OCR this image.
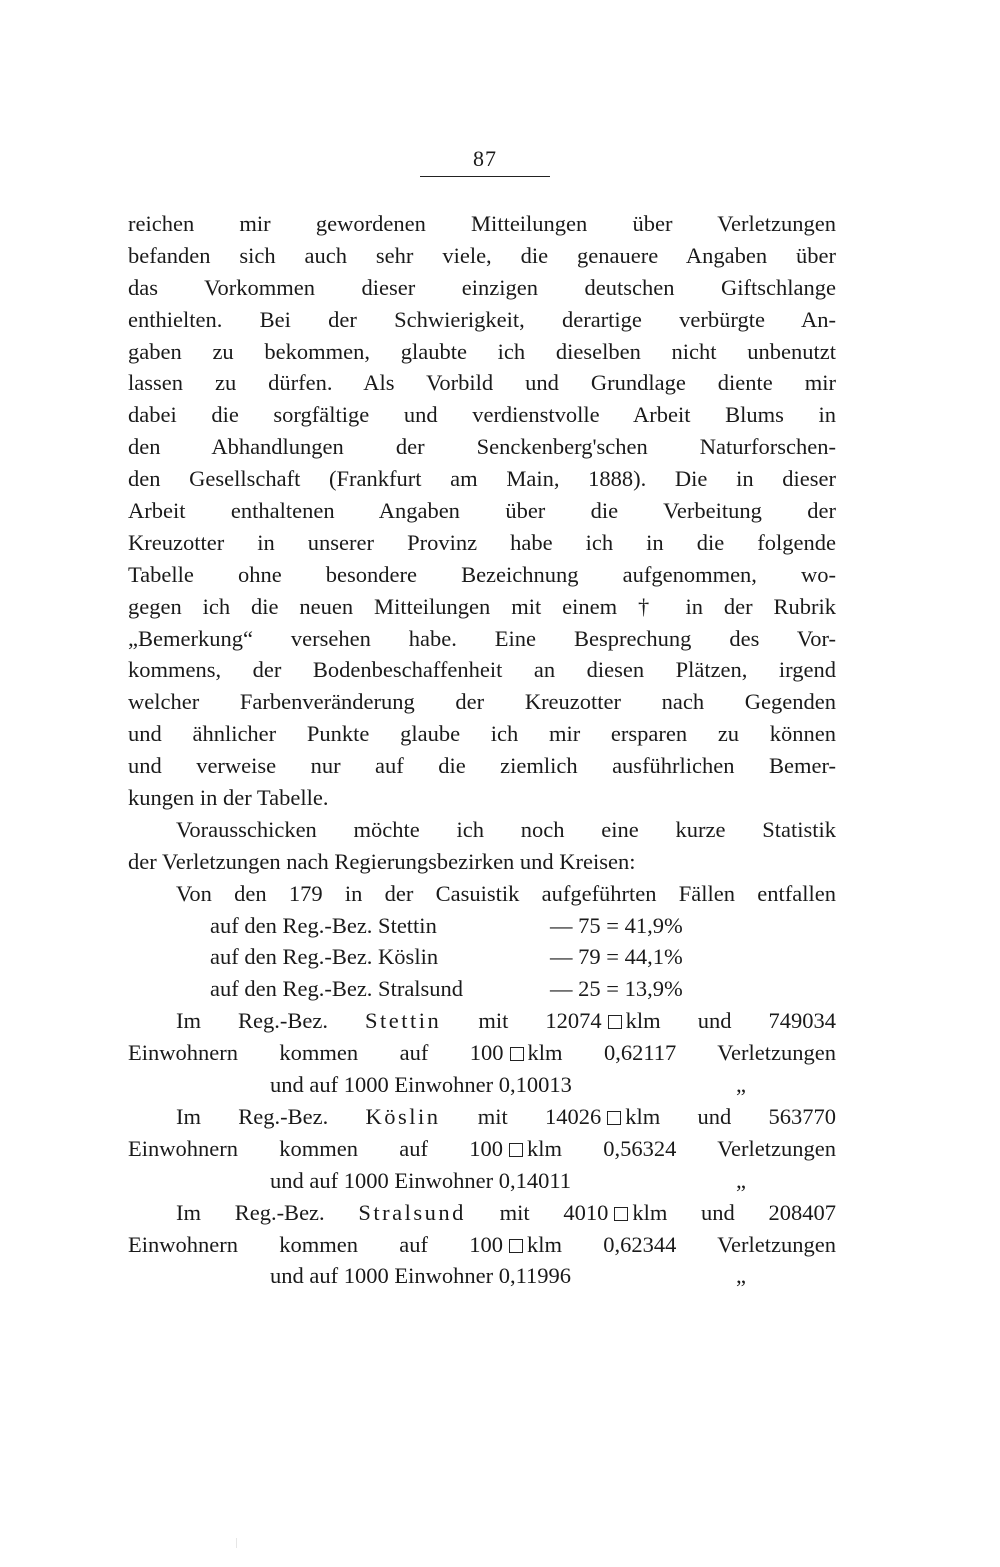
87
reichen mir gewordenen Mitteilungen über Verletzungen
befanden sich auch sehr viele, die genauere Angaben über
das Vorkommen dieser einzigen deutschen Giftschlange
enthielten. Bei der Schwierigkeit, derartige verbürgte An-
gaben zu bekommen, glaubte ich dieselben nicht unbenutzt
lassen zu dürfen. Als Vorbild und Grundlage diente mir
dabei die sorgfältige und verdienstvolle Arbeit Blums in
den Abhandlungen der Senckenberg'schen Naturforschen-
den Gesellschaft (Frankfurt am Main, 1888). Die in dieser
Arbeit enthaltenen Angaben über die Verbeitung der
Kreuzotter in unserer Provinz habe ich in die folgende
Tabelle ohne besondere Bezeichnung aufgenommen, wo-
gegen ich die neuen Mitteilungen mit einem † in der Rubrik
„Bemerkung“ versehen habe. Eine Besprechung des Vor-
kommens, der Bodenbeschaffenheit an diesen Plätzen, irgend
welcher Farbenveränderung der Kreuzotter nach Gegenden
und ähnlicher Punkte glaube ich mir ersparen zu können
und verweise nur auf die ziemlich ausführlichen Bemer-
kungen in der Tabelle.
Vorausschicken möchte ich noch eine kurze Statistik
der Verletzungen nach Regierungsbezirken und Kreisen:
Von den 179 in der Casuistik aufgeführten Fällen entfallen
auf den Reg.-Bez. Stettin	— 75 = 41,9%
auf den Reg.-Bez. Köslin	— 79 = 44,1%
auf den Reg.-Bez. Stralsund	— 25 = 13,9%
Im Reg.-Bez. Stettin mit 12074 klm und 749034
Einwohnern kommen auf 100 klm 0,62117 Verletzungen
und auf 1000 Einwohner 0,10013	„
Im Reg.-Bez. Köslin mit 14026 klm und 563770
Einwohnern kommen auf 100 klm 0,56324 Verletzungen
und auf 1000 Einwohner 0,14011	„
Im Reg.-Bez. Stralsund mit 4010 klm und 208407
Einwohnern kommen auf 100 klm 0,62344 Verletzungen
und auf 1000 Einwohner 0,11996	„
